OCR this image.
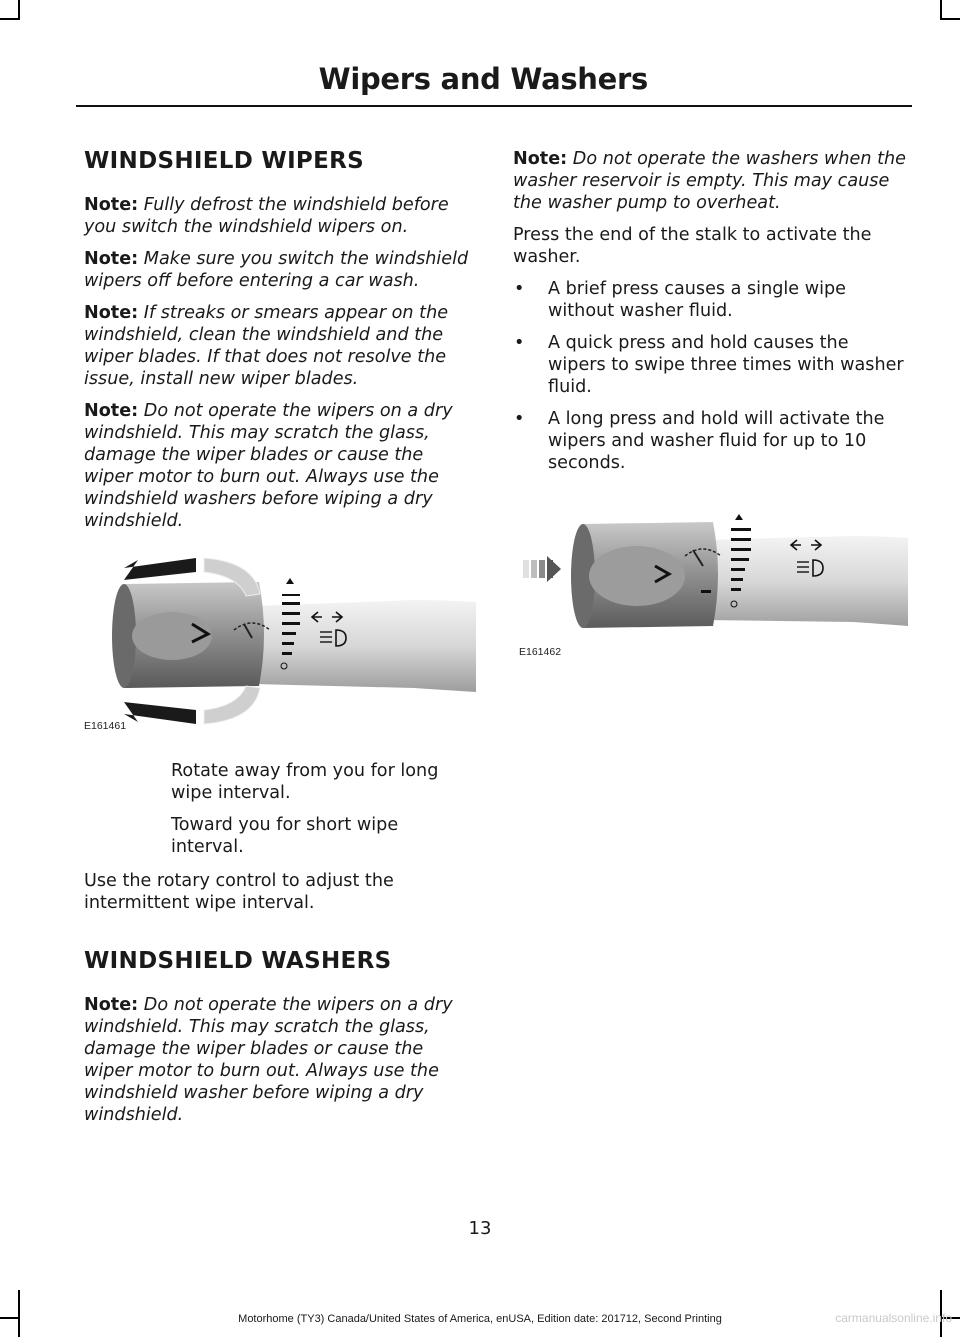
Wipers and Washers
WINDSHIELD WIPERS

Note: Fully defrost the windshield before you switch the windshield wipers on.

Note: Make sure you switch the windshield wipers off before entering a car wash.

Note: If streaks or smears appear on the windshield, clean the windshield and the wiper blades. If that does not resolve the issue, install new wiper blades.

Note: Do not operate the wipers on a dry windshield. This may scratch the glass, damage the wiper blades or cause the wiper motor to burn out. Always use the windshield washers before wiping a dry windshield.

E161461

Rotate away from you for long wipe interval.

Toward you for short wipe interval.

Use the rotary control to adjust the intermittent wipe interval.

WINDSHIELD WASHERS

Note: Do not operate the wipers on a dry windshield. This may scratch the glass, damage the wiper blades or cause the wiper motor to burn out. Always use the windshield washer before wiping a dry windshield.

Note: Do not operate the washers when the washer reservoir is empty. This may cause the washer pump to overheat.

Press the end of the stalk to activate the washer.

• A brief press causes a single wipe without washer fluid.
• A quick press and hold causes the wipers to swipe three times with washer fluid.
• A long press and hold will activate the wipers and washer fluid for up to 10 seconds.
E161462
13
Motorhome (TY3) Canada/United States of America, enUSA, Edition date: 201712, Second Printing	carmanualsonline.info
